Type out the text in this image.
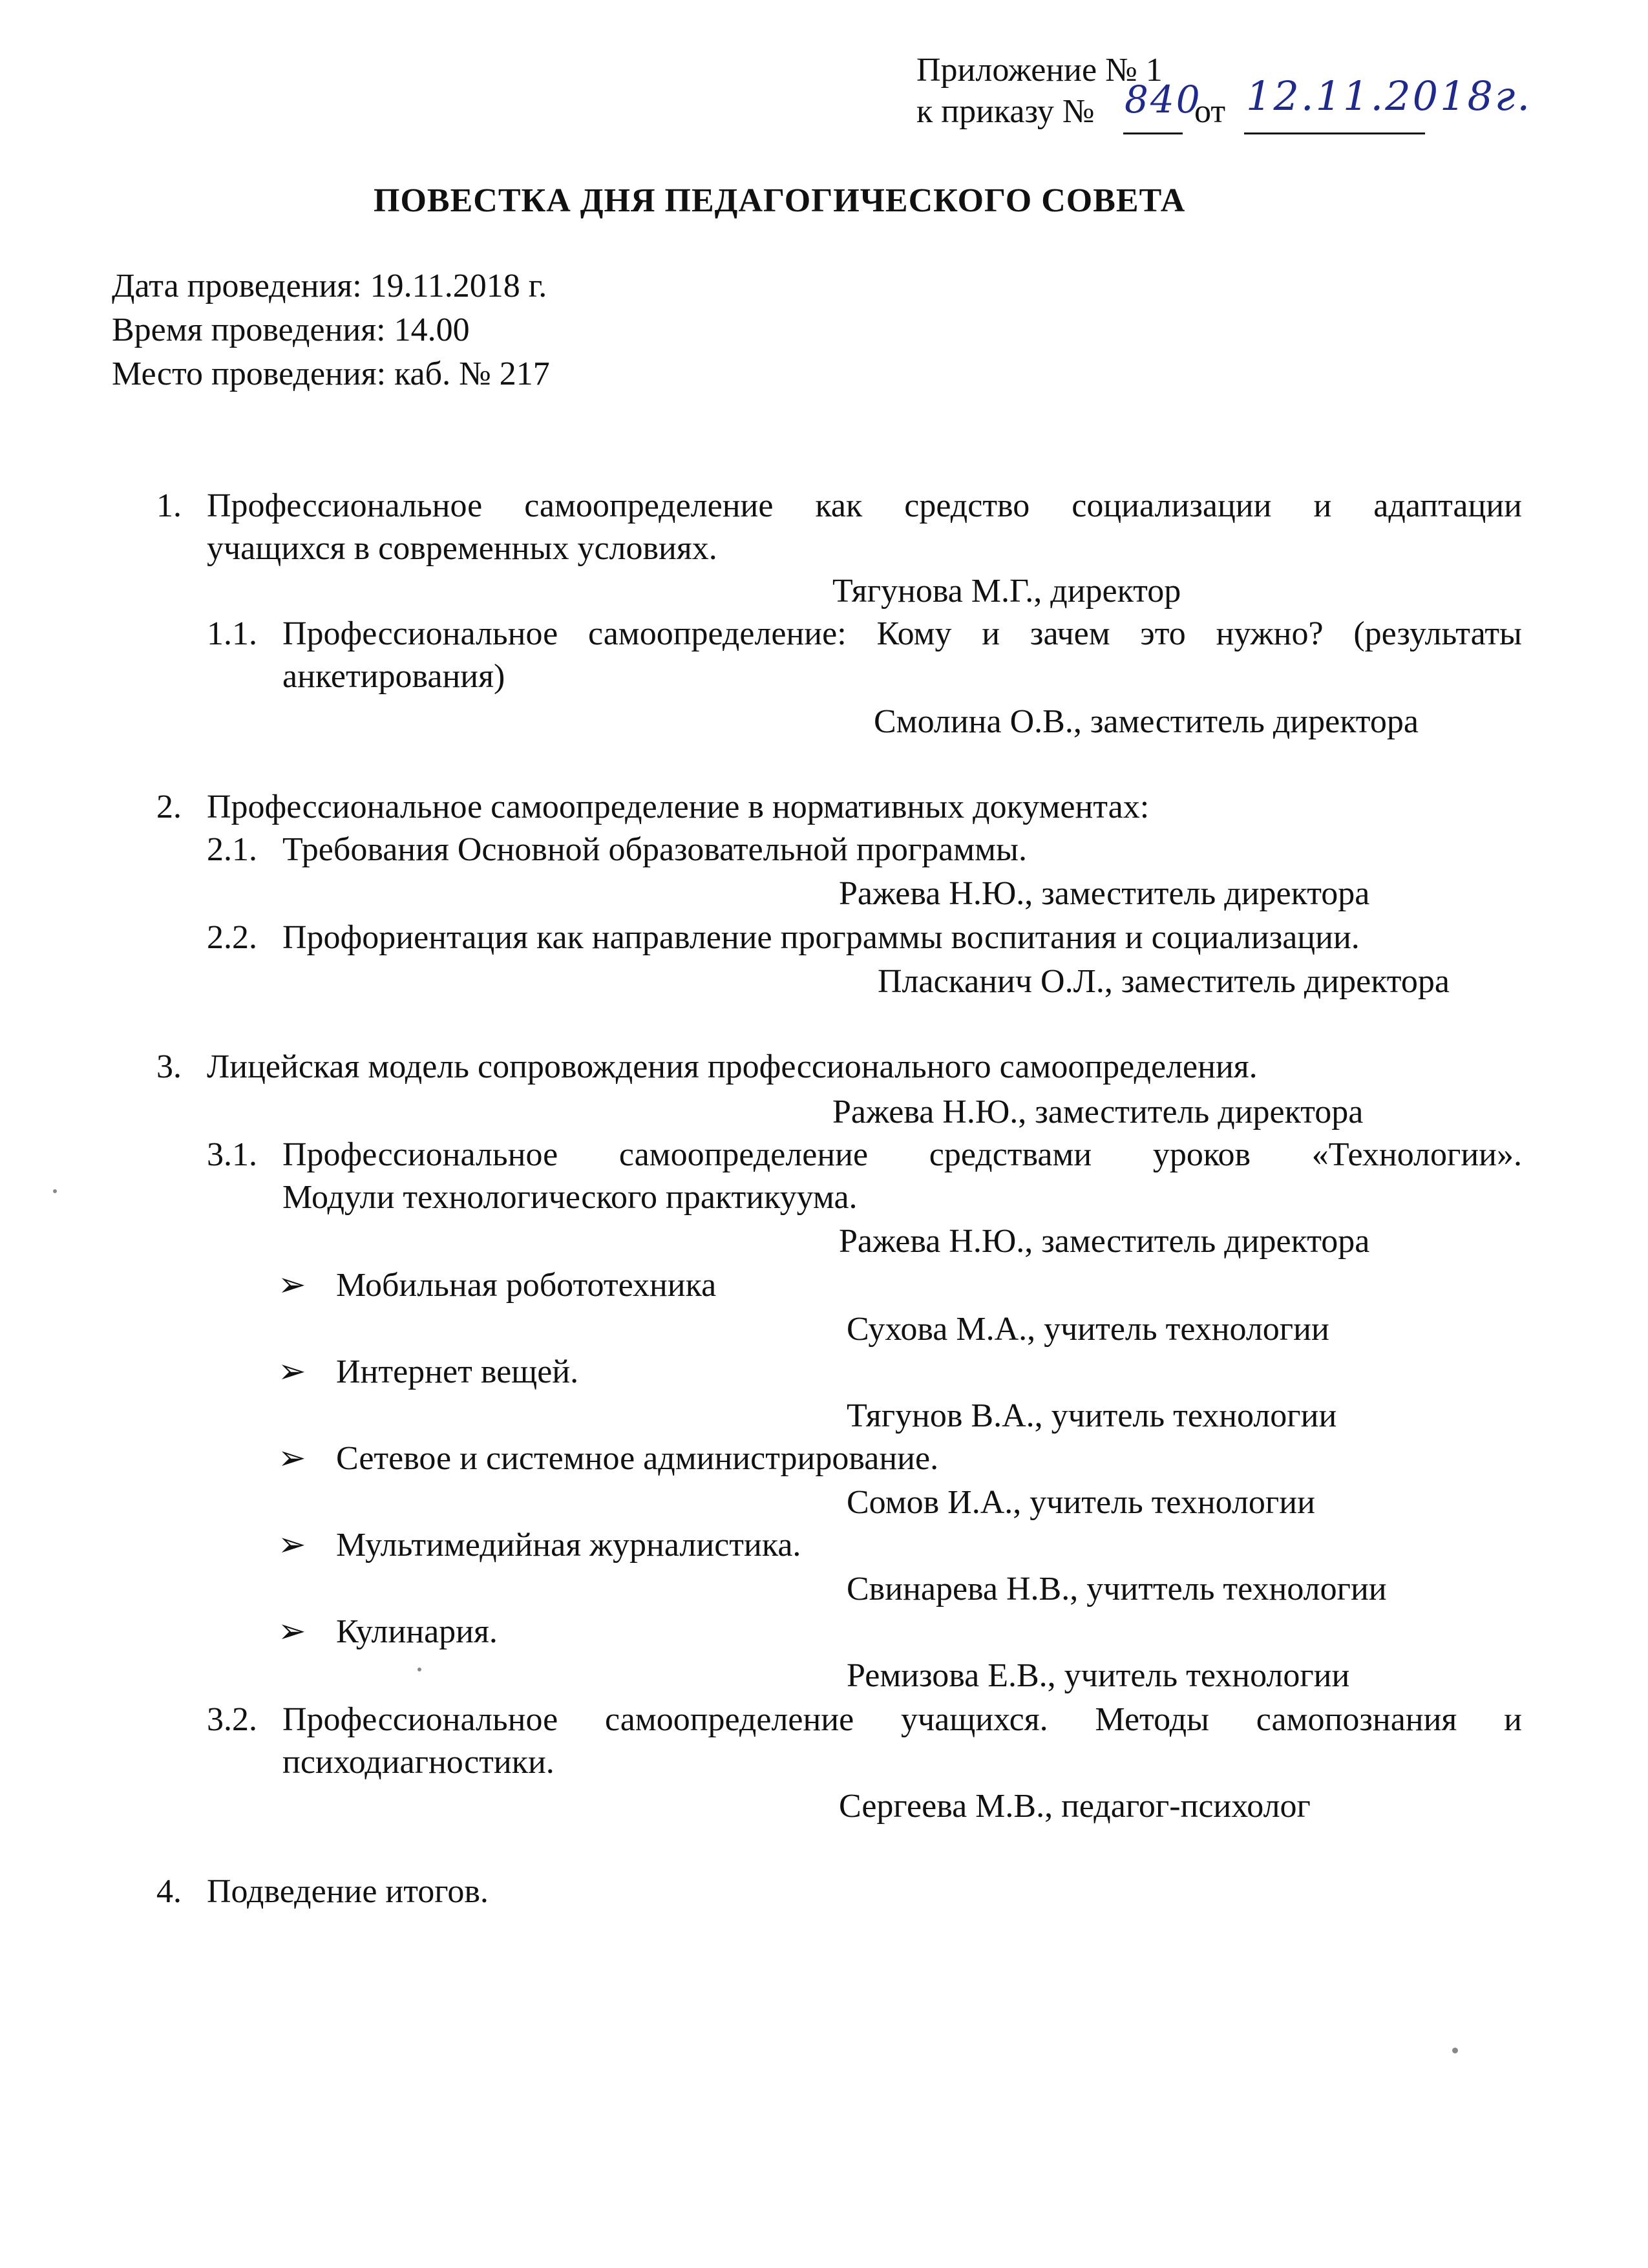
Приложение № 1
к приказу № 840
от 12.11.2018г.
ПОВЕСТКА ДНЯ ПЕДАГОГИЧЕСКОГО СОВЕТА
Дата проведения: 19.11.2018 г.
Время проведения: 14.00
Место проведения: каб. № 217
1. Профессиональное самоопределение как средство социализации и адаптации
учащихся в современных условиях.
Тягунова М.Г., директор
1.1. Профессиональное самоопределение: Кому и зачем это нужно? (результаты
анкетирования)
Смолина О.В., заместитель директора
2. Профессиональное самоопределение в нормативных документах:
2.1. Требования Основной образовательной программы.
Ражева Н.Ю., заместитель директора
2.2. Профориентация как направление программы воспитания и социализации.
Пласканич О.Л., заместитель директора
3. Лицейская модель сопровождения профессионального самоопределения.
Ражева Н.Ю., заместитель директора
3.1. Профессиональное самоопределение средствами уроков «Технологии».
Модули технологического практикуума.
Ражева Н.Ю., заместитель директора
➢ Мобильная робототехника
Сухова М.А., учитель технологии
➢ Интернет вещей.
Тягунов В.А., учитель технологии
➢ Сетевое и системное администрирование.
Сомов И.А., учитель технологии
➢ Мультимедийная журналистика.
Свинарева Н.В., учиттель технологии
➢ Кулинария.
Ремизова Е.В., учитель технологии
3.2. Профессиональное самоопределение учащихся. Методы самопознания и
психодиагностики.
Сергеева М.В., педагог-психолог
4. Подведение итогов.
